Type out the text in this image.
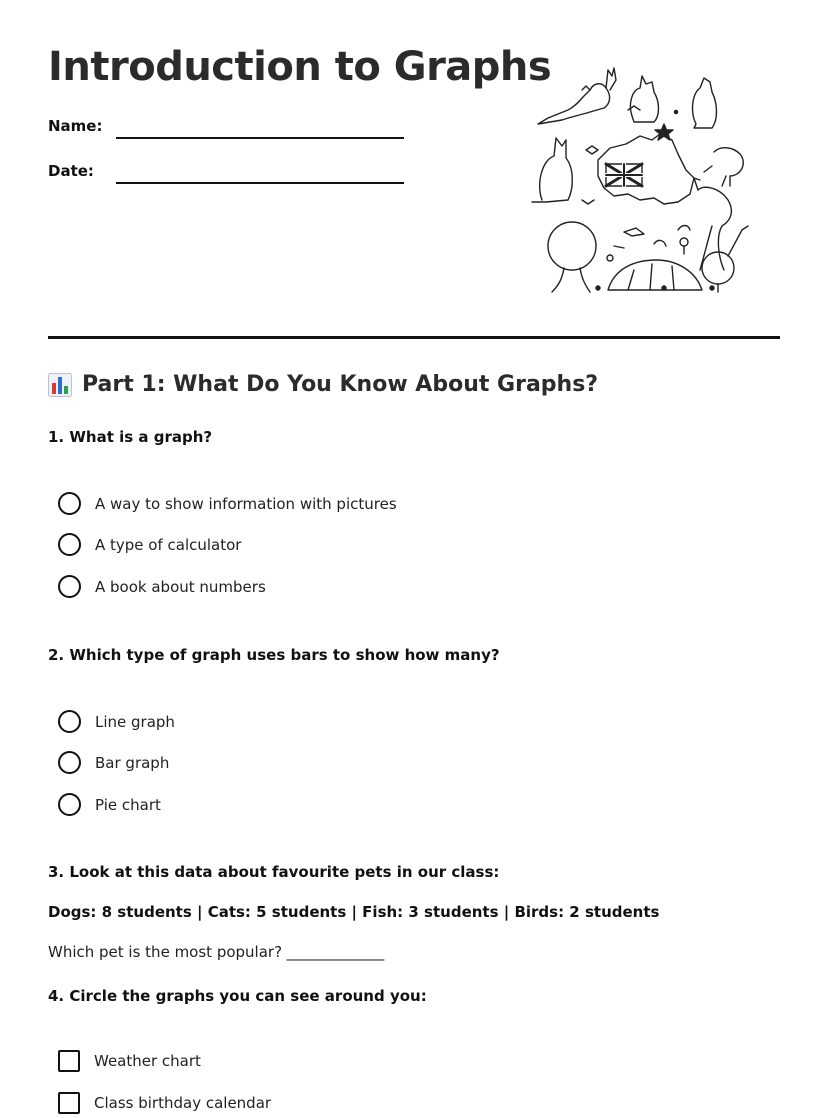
Introduction to Graphs
Name:
Date:
Part 1: What Do You Know About Graphs?

1. What is a graph?

A way to show information with pictures
A type of calculator
A book about numbers

2. Which type of graph uses bars to show how many?

Line graph
Bar graph
Pie chart

3. Look at this data about favourite pets in our class:

Dogs: 8 students | Cats: 5 students | Fish: 3 students | Birds: 2 students

Which pet is the most popular? _____________

4. Circle the graphs you can see around you:

Weather chart
Class birthday calendar
